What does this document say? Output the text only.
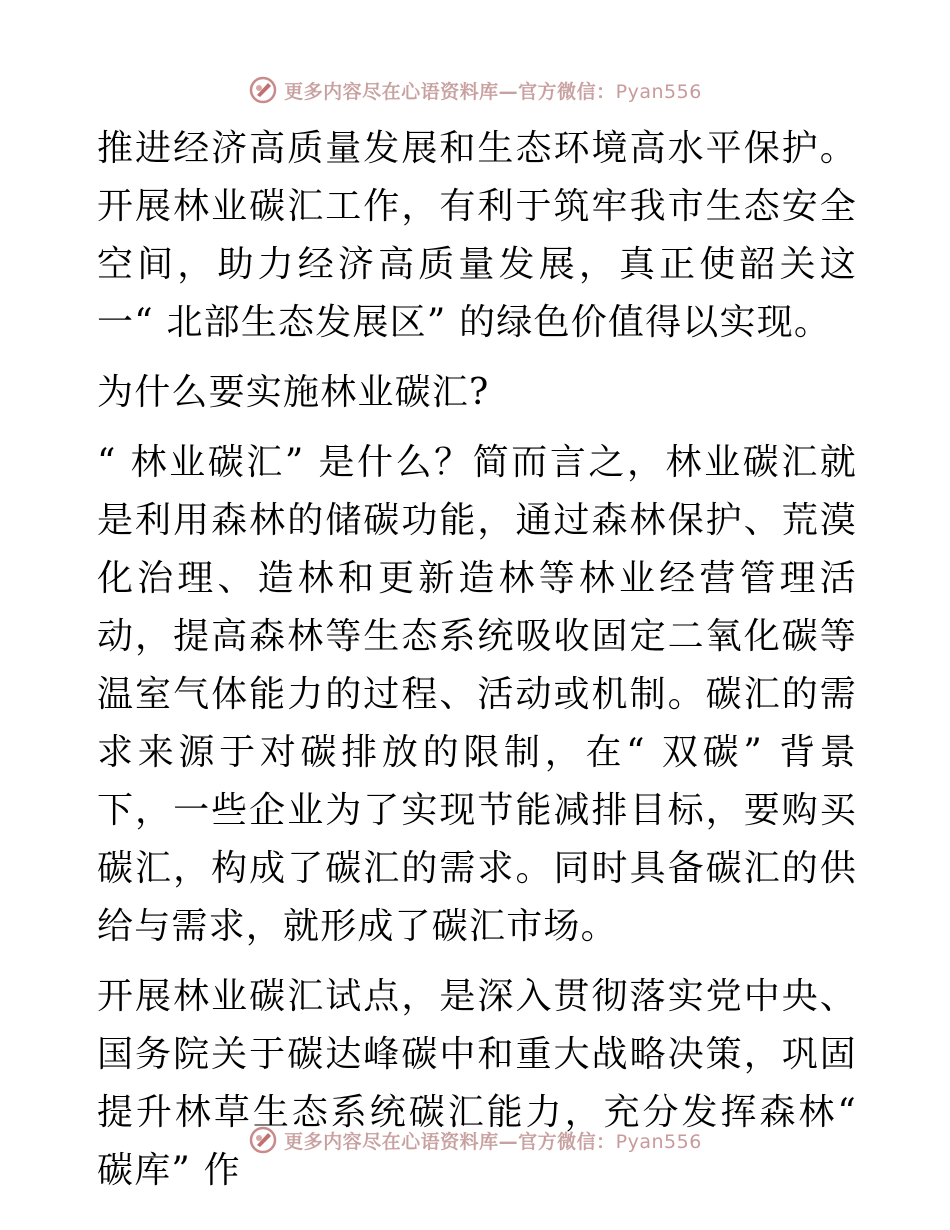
更多内容尽在心语资料库—官方微信：Pyan556

推进经济高质量发展和生态环境高水平保护。开展林业碳汇工作，有利于筑牢我市生态安全空间，助力经济高质量发展，真正使韶关这一“ 北部生态发展区” 的绿色价值得以实现。

为什么要实施林业碳汇?

“ 林业碳汇” 是什么？简而言之，林业碳汇就是利用森林的储碳功能，通过森林保护、荒漠化治理、造林和更新造林等林业经营管理活动，提高森林等生态系统吸收固定二氧化碳等温室气体能力的过程、活动或机制。碳汇的需求来源于对碳排放的限制，在“ 双碳” 背景下，一些企业为了实现节能减排目标，要购买碳汇，构成了碳汇的需求。同时具备碳汇的供给与需求，就形成了碳汇市场。

开展林业碳汇试点，是深入贯彻落实党中央、国务院关于碳达峰碳中和重大战略决策，巩固提升林草生态系统碳汇能力，充分发挥森林“ 碳库” 作

更多内容尽在心语资料库—官方微信：Pyan556
